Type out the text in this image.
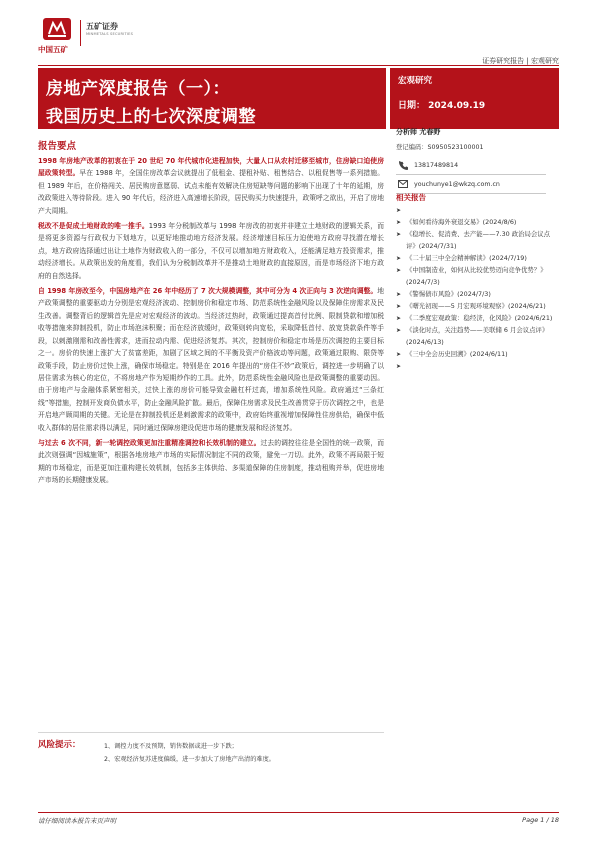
中国五矿
五矿证券
MINMETALS SECURITIES
证券研究报告 | 宏观研究
房地产深度报告（一）：
我国历史上的七次深度调整
宏观研究
日期： 2024.09.19
报告要点

1998 年房地产改革的初衷在于 20 世纪 70 年代城市化进程加快，大量人口从农村迁移至城市，住房缺口迫使房屋政策转型。早在 1988 年，全国住房改革会议就提出了低租金、提租补贴、租售结合、以租促售等一系列措施。但 1989 年后，在价格闯关、居民购房意愿弱、试点未能有效解决住房短缺等问题的影响下出现了十年的延期，房改政策进入等待阶段。进入 90 年代后，经济进入高速增长阶段，居民购买力快速提升，政策呼之欲出，开启了房地产大周期。

税改不是促成土地财政的唯一推手。1993 年分税制改革与 1998 年房改的初衷并非建立土地财政的逻辑关系，而是将更多资源与行政权力下划地方，以更好地推动地方经济发展。经济增速目标压力迫使地方政府寻找潜在增长点，地方政府选择通过出让土地作为财政收入的一部分，不仅可以增加地方财政收入，还能满足地方投资需求，推动经济增长。从政策出发的角度看，我们认为分税制改革并不是推动土地财政的直接原因，而是市场经济下地方政府的自然选择。

自 1998 年房改至今，中国房地产在 26 年中经历了 7 次大规模调整，其中可分为 4 次正向与 3 次逆向调整。地产政策调整的重要驱动力分别是宏观经济波动、控制房价和稳定市场、防范系统性金融风险以及保障住房需求及民生改善。调整背后的逻辑首先是应对宏观经济的波动。当经济过热时，政策通过提高首付比例、限制贷款和增加税收等措施来抑制投机，防止市场泡沫积聚；而在经济放缓时，政策则转向宽松，采取降低首付、放宽贷款条件等手段，以刺激刚需和改善性需求，进而拉动内需、促进经济复苏。其次，控制房价和稳定市场是历次调控的主要目标之一。房价的快速上涨扩大了贫富差距，加剧了区域之间的不平衡及资产价格波动等问题，政策通过限购、限贷等政策手段，防止房价过快上涨，确保市场稳定。特别是在 2016 年提出的“房住不炒”政策后，调控进一步明确了以居住需求为核心的定位，不将房地产作为短期炒作的工具。此外，防范系统性金融风险也是政策调整的重要动因。由于房地产与金融体系紧密相关，过快上涨的房价可能导致金融杠杆过高，增加系统性风险。政府通过“三条红线”等措施，控制开发商负债水平，防止金融风险扩散。最后，保障住房需求及民生改善贯穿于历次调控之中，也是开启地产顾周期的关键。无论是在抑制投机还是刺激需求的政策中，政府始终重视增加保障性住房供给，确保中低收入群体的居住需求得以满足，同时通过保障房建设促进市场的健康发展和经济复苏。

与过去 6 次不同，新一轮调控政策更加注重精准调控和长效机制的建立。过去的调控往往是全国性的统一政策，而此次则强调“因城施策”，根据各地房地产市场的实际情况制定不同的政策，避免一刀切。此外，政策不再局限于短期的市场稳定，而是更加注重构建长效机制，包括多主体供给、多渠道保障的住房制度，推动租购并举，促进房地产市场的长期健康发展。

分析师 尤春野
登记编码：S0950523100001
13817489814
youchunye1@wkzq.com.cn
相关报告
➤
➤ 《如何看待海外衰退交易》(2024/8/6)
➤ 《稳增长、促消费、去产能——7.30 政治局会议点评》(2024/7/31)
➤ 《二十届三中全会精神解读》(2024/7/19)
➤ 《中国制造业，如何从比较优势迈向竞争优势？》(2024/7/3)
➤ 《警惕债市风险》(2024/7/3)
➤ 《曙光初现——5 月宏观环境观察》(2024/6/21)
➤ 《二季度宏观政策：稳经济，化风险》(2024/6/21)
➤ 《淡化时点，关注趋势——美联储 6 月会议点评》(2024/6/13)
➤ 《三中全会历史回溯》(2024/6/11)
➤
风险提示：	1、调控力度不及预期，销售数据或进一步下跌；
2、宏观经济复苏进度偏缓，进一步加大了房地产出清的难度。
请仔细阅读本报告末页声明	Page 1 / 18
